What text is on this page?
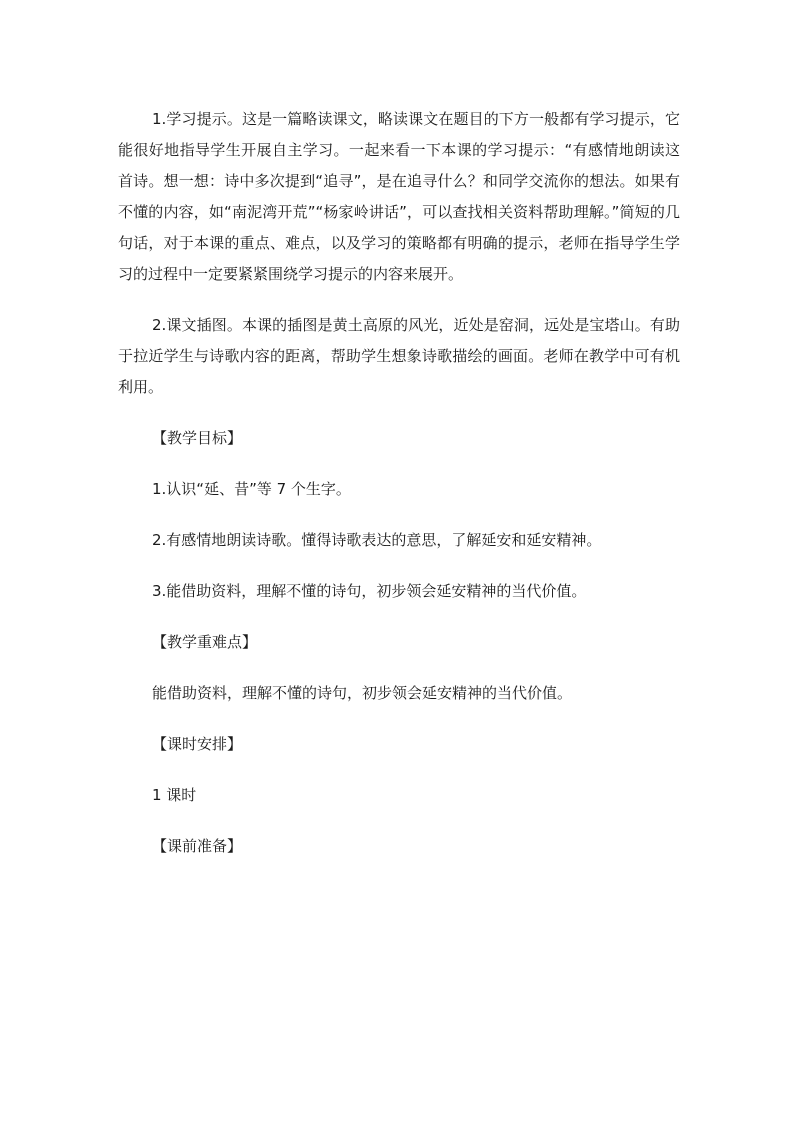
1.学习提示。这是一篇略读课文，略读课文在题目的下方一般都有学习提示，它能很好地指导学生开展自主学习。一起来看一下本课的学习提示：“有感情地朗读这首诗。想一想：诗中多次提到“追寻”，是在追寻什么？和同学交流你的想法。如果有不懂的内容，如“南泥湾开荒”“杨家岭讲话”，可以查找相关资料帮助理解。”简短的几句话，对于本课的重点、难点，以及学习的策略都有明确的提示，老师在指导学生学习的过程中一定要紧紧围绕学习提示的内容来展开。

2.课文插图。本课的插图是黄土高原的风光，近处是窑洞，远处是宝塔山。有助于拉近学生与诗歌内容的距离，帮助学生想象诗歌描绘的画面。老师在教学中可有机利用。

【教学目标】

1.认识“延、昔”等 7 个生字。

2.有感情地朗读诗歌。懂得诗歌表达的意思，了解延安和延安精神。

3.能借助资料，理解不懂的诗句，初步领会延安精神的当代价值。

【教学重难点】

能借助资料，理解不懂的诗句，初步领会延安精神的当代价值。

【课时安排】

1 课时

【课前准备】
